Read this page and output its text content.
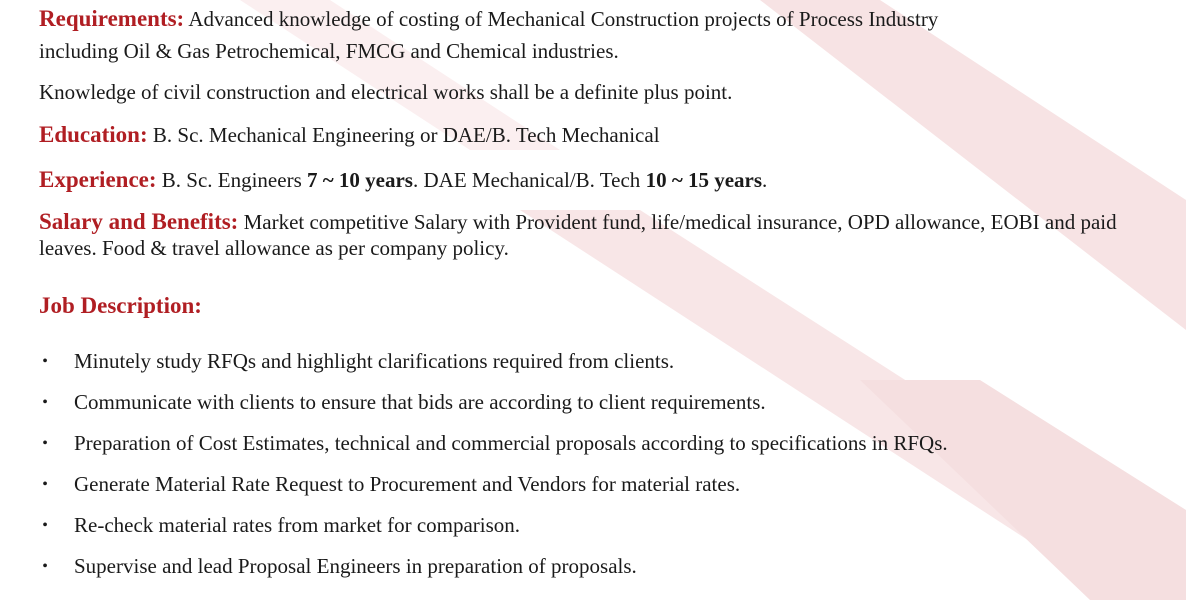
Requirements: Advanced knowledge of costing of Mechanical Construction projects of Process Industry
including Oil & Gas Petrochemical, FMCG and Chemical industries.

Knowledge of civil construction and electrical works shall be a definite plus point.

Education: B. Sc. Mechanical Engineering or DAE/B. Tech Mechanical

Experience: B. Sc. Engineers 7 ~ 10 years. DAE Mechanical/B. Tech 10 ~ 15 years.

Salary and Benefits: Market competitive Salary with Provident fund, life/medical insurance, OPD allowance, EOBI and paid leaves. Food & travel allowance as per company policy.

Job Description:

• Minutely study RFQs and highlight clarifications required from clients.
• Communicate with clients to ensure that bids are according to client requirements.
• Preparation of Cost Estimates, technical and commercial proposals according to specifications in RFQs.
• Generate Material Rate Request to Procurement and Vendors for material rates.
• Re-check material rates from market for comparison.
• Supervise and lead Proposal Engineers in preparation of proposals.
